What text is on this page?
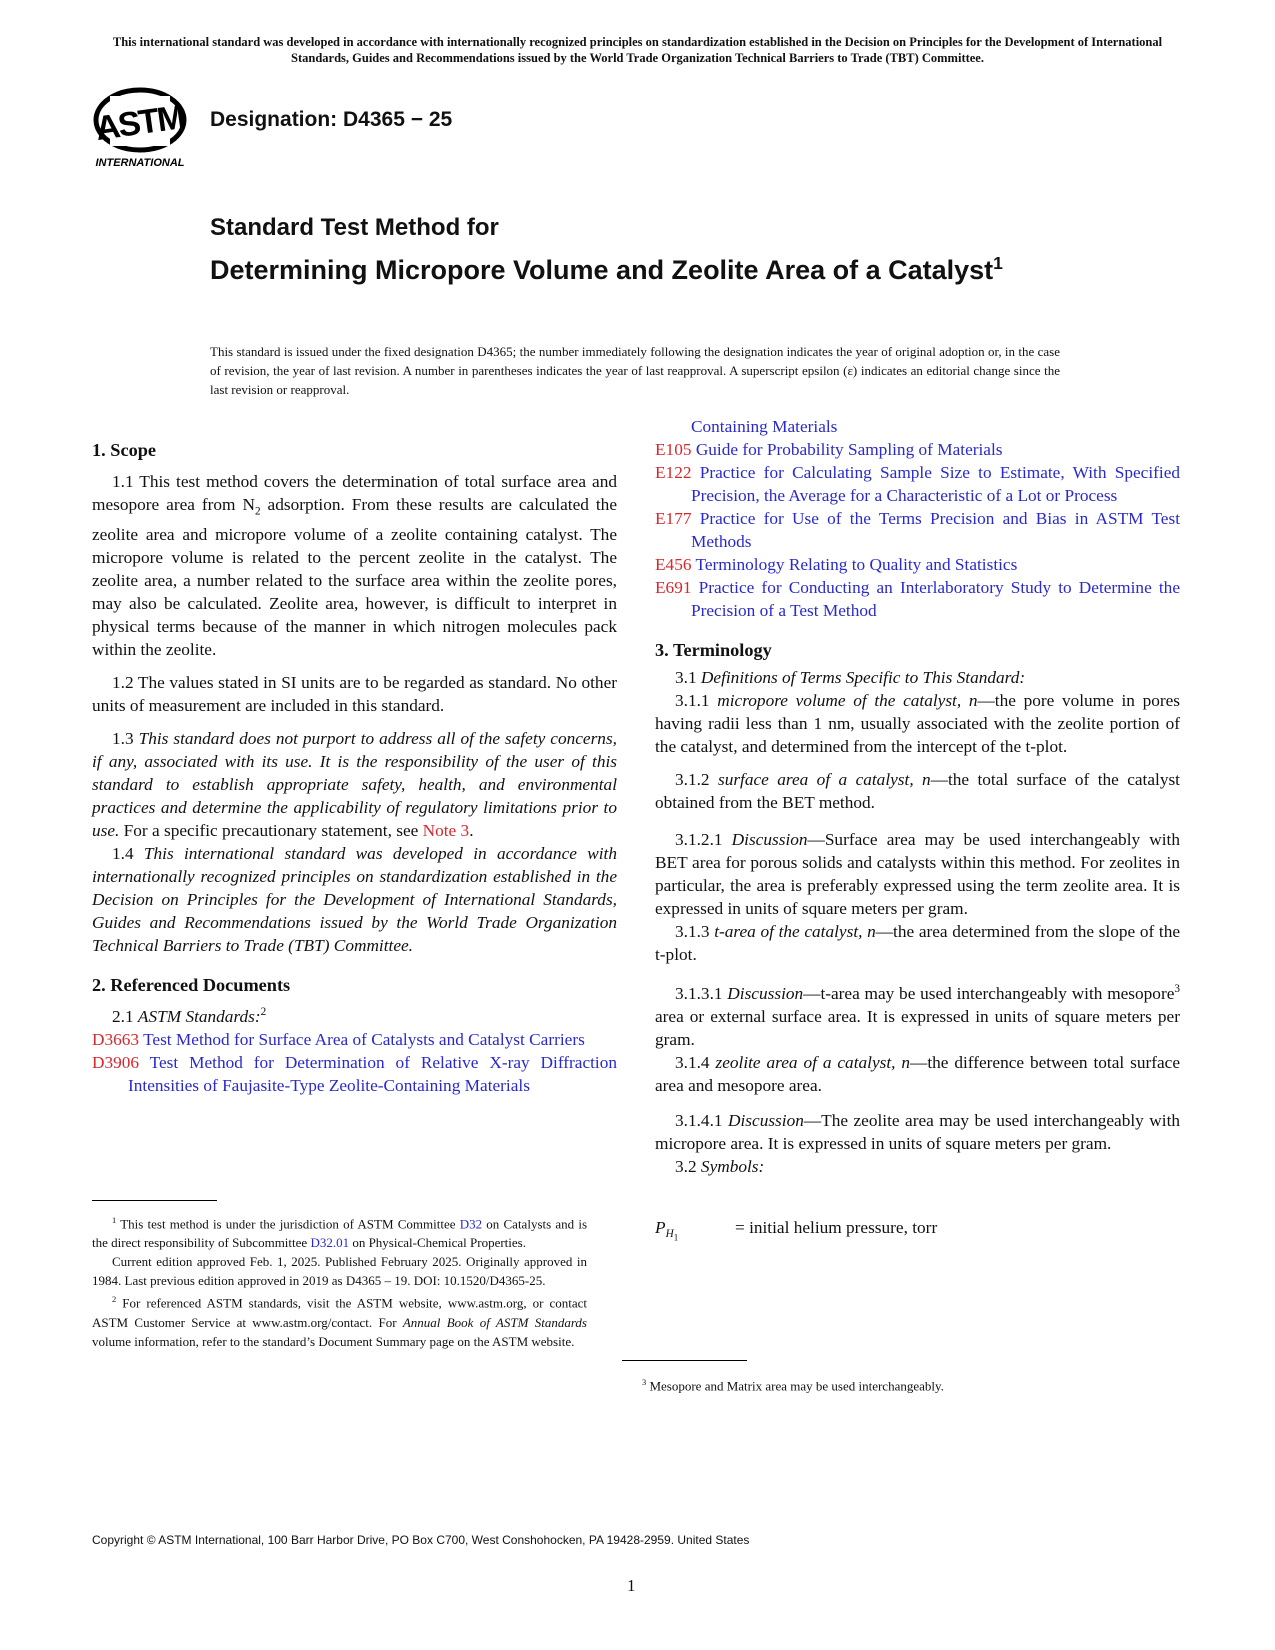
This international standard was developed in accordance with internationally recognized principles on standardization established in the Decision on Principles for the Development of International Standards, Guides and Recommendations issued by the World Trade Organization Technical Barriers to Trade (TBT) Committee.
ASTM
INTERNATIONAL
Designation: D4365 − 25
Standard Test Method for
Determining Micropore Volume and Zeolite Area of a Catalyst$^1$
This standard is issued under the fixed designation D4365; the number immediately following the designation indicates the year of original adoption or, in the case of revision, the year of last revision. A number in parentheses indicates the year of last reapproval. A superscript epsilon (ε) indicates an editorial change since the last revision or reapproval.
1. Scope

1.1 This test method covers the determination of total surface area and mesopore area from $N_2$ adsorption. From these results are calculated the zeolite area and micropore volume of a zeolite containing catalyst. The micropore volume is related to the percent zeolite in the catalyst. The zeolite area, a number related to the surface area within the zeolite pores, may also be calculated. Zeolite area, however, is difficult to interpret in physical terms because of the manner in which nitrogen molecules pack within the zeolite.

1.2 The values stated in SI units are to be regarded as standard. No other units of measurement are included in this standard.

1.3 This standard does not purport to address all of the safety concerns, if any, associated with its use. It is the responsibility of the user of this standard to establish appropriate safety, health, and environmental practices and determine the applicability of regulatory limitations prior to use. For a specific precautionary statement, see Note 3.

1.4 This international standard was developed in accordance with internationally recognized principles on standardization established in the Decision on Principles for the Development of International Standards, Guides and Recommendations issued by the World Trade Organization Technical Barriers to Trade (TBT) Committee.

2. Referenced Documents

2.1 ASTM Standards:$^2$

D3663 Test Method for Surface Area of Catalysts and Catalyst Carriers
D3906 Test Method for Determination of Relative X-ray Diffraction Intensities of Faujasite-Type Zeolite-Containing Materials

$^1$ This test method is under the jurisdiction of ASTM Committee D32 on Catalysts and is the direct responsibility of Subcommittee D32.01 on Physical-Chemical Properties.

Current edition approved Feb. 1, 2025. Published February 2025. Originally approved in 1984. Last previous edition approved in 2019 as D4365 – 19. DOI: 10.1520/D4365-25.

$^2$ For referenced ASTM standards, visit the ASTM website, www.astm.org, or contact ASTM Customer Service at www.astm.org/contact. For Annual Book of ASTM Standards volume information, refer to the standard’s Document Summary page on the ASTM website.

Containing Materials
E105 Guide for Probability Sampling of Materials
E122 Practice for Calculating Sample Size to Estimate, With Specified Precision, the Average for a Characteristic of a Lot or Process
E177 Practice for Use of the Terms Precision and Bias in ASTM Test Methods
E456 Terminology Relating to Quality and Statistics
E691 Practice for Conducting an Interlaboratory Study to Determine the Precision of a Test Method
3. Terminology

3.1 Definitions of Terms Specific to This Standard:

3.1.1 micropore volume of the catalyst, n—the pore volume in pores having radii less than 1 nm, usually associated with the zeolite portion of the catalyst, and determined from the intercept of the t-plot.

3.1.2 surface area of a catalyst, n—the total surface of the catalyst obtained from the BET method.

3.1.2.1 Discussion—Surface area may be used interchangeably with BET area for porous solids and catalysts within this method. For zeolites in particular, the area is preferably expressed using the term zeolite area. It is expressed in units of square meters per gram.

3.1.3 t-area of the catalyst, n—the area determined from the slope of the t-plot.

3.1.3.1 Discussion—t-area may be used interchangeably with mesopore$^3$ area or external surface area. It is expressed in units of square meters per gram.

3.1.4 zeolite area of a catalyst, n—the difference between total surface area and mesopore area.

3.1.4.1 Discussion—The zeolite area may be used interchangeably with micropore area. It is expressed in units of square meters per gram.

3.2 Symbols:

$P_{H_1}$
= initial helium pressure, torr

$^3$ Mesopore and Matrix area may be used interchangeably.

Copyright © ASTM International, 100 Barr Harbor Drive, PO Box C700, West Conshohocken, PA 19428-2959. United States
1
